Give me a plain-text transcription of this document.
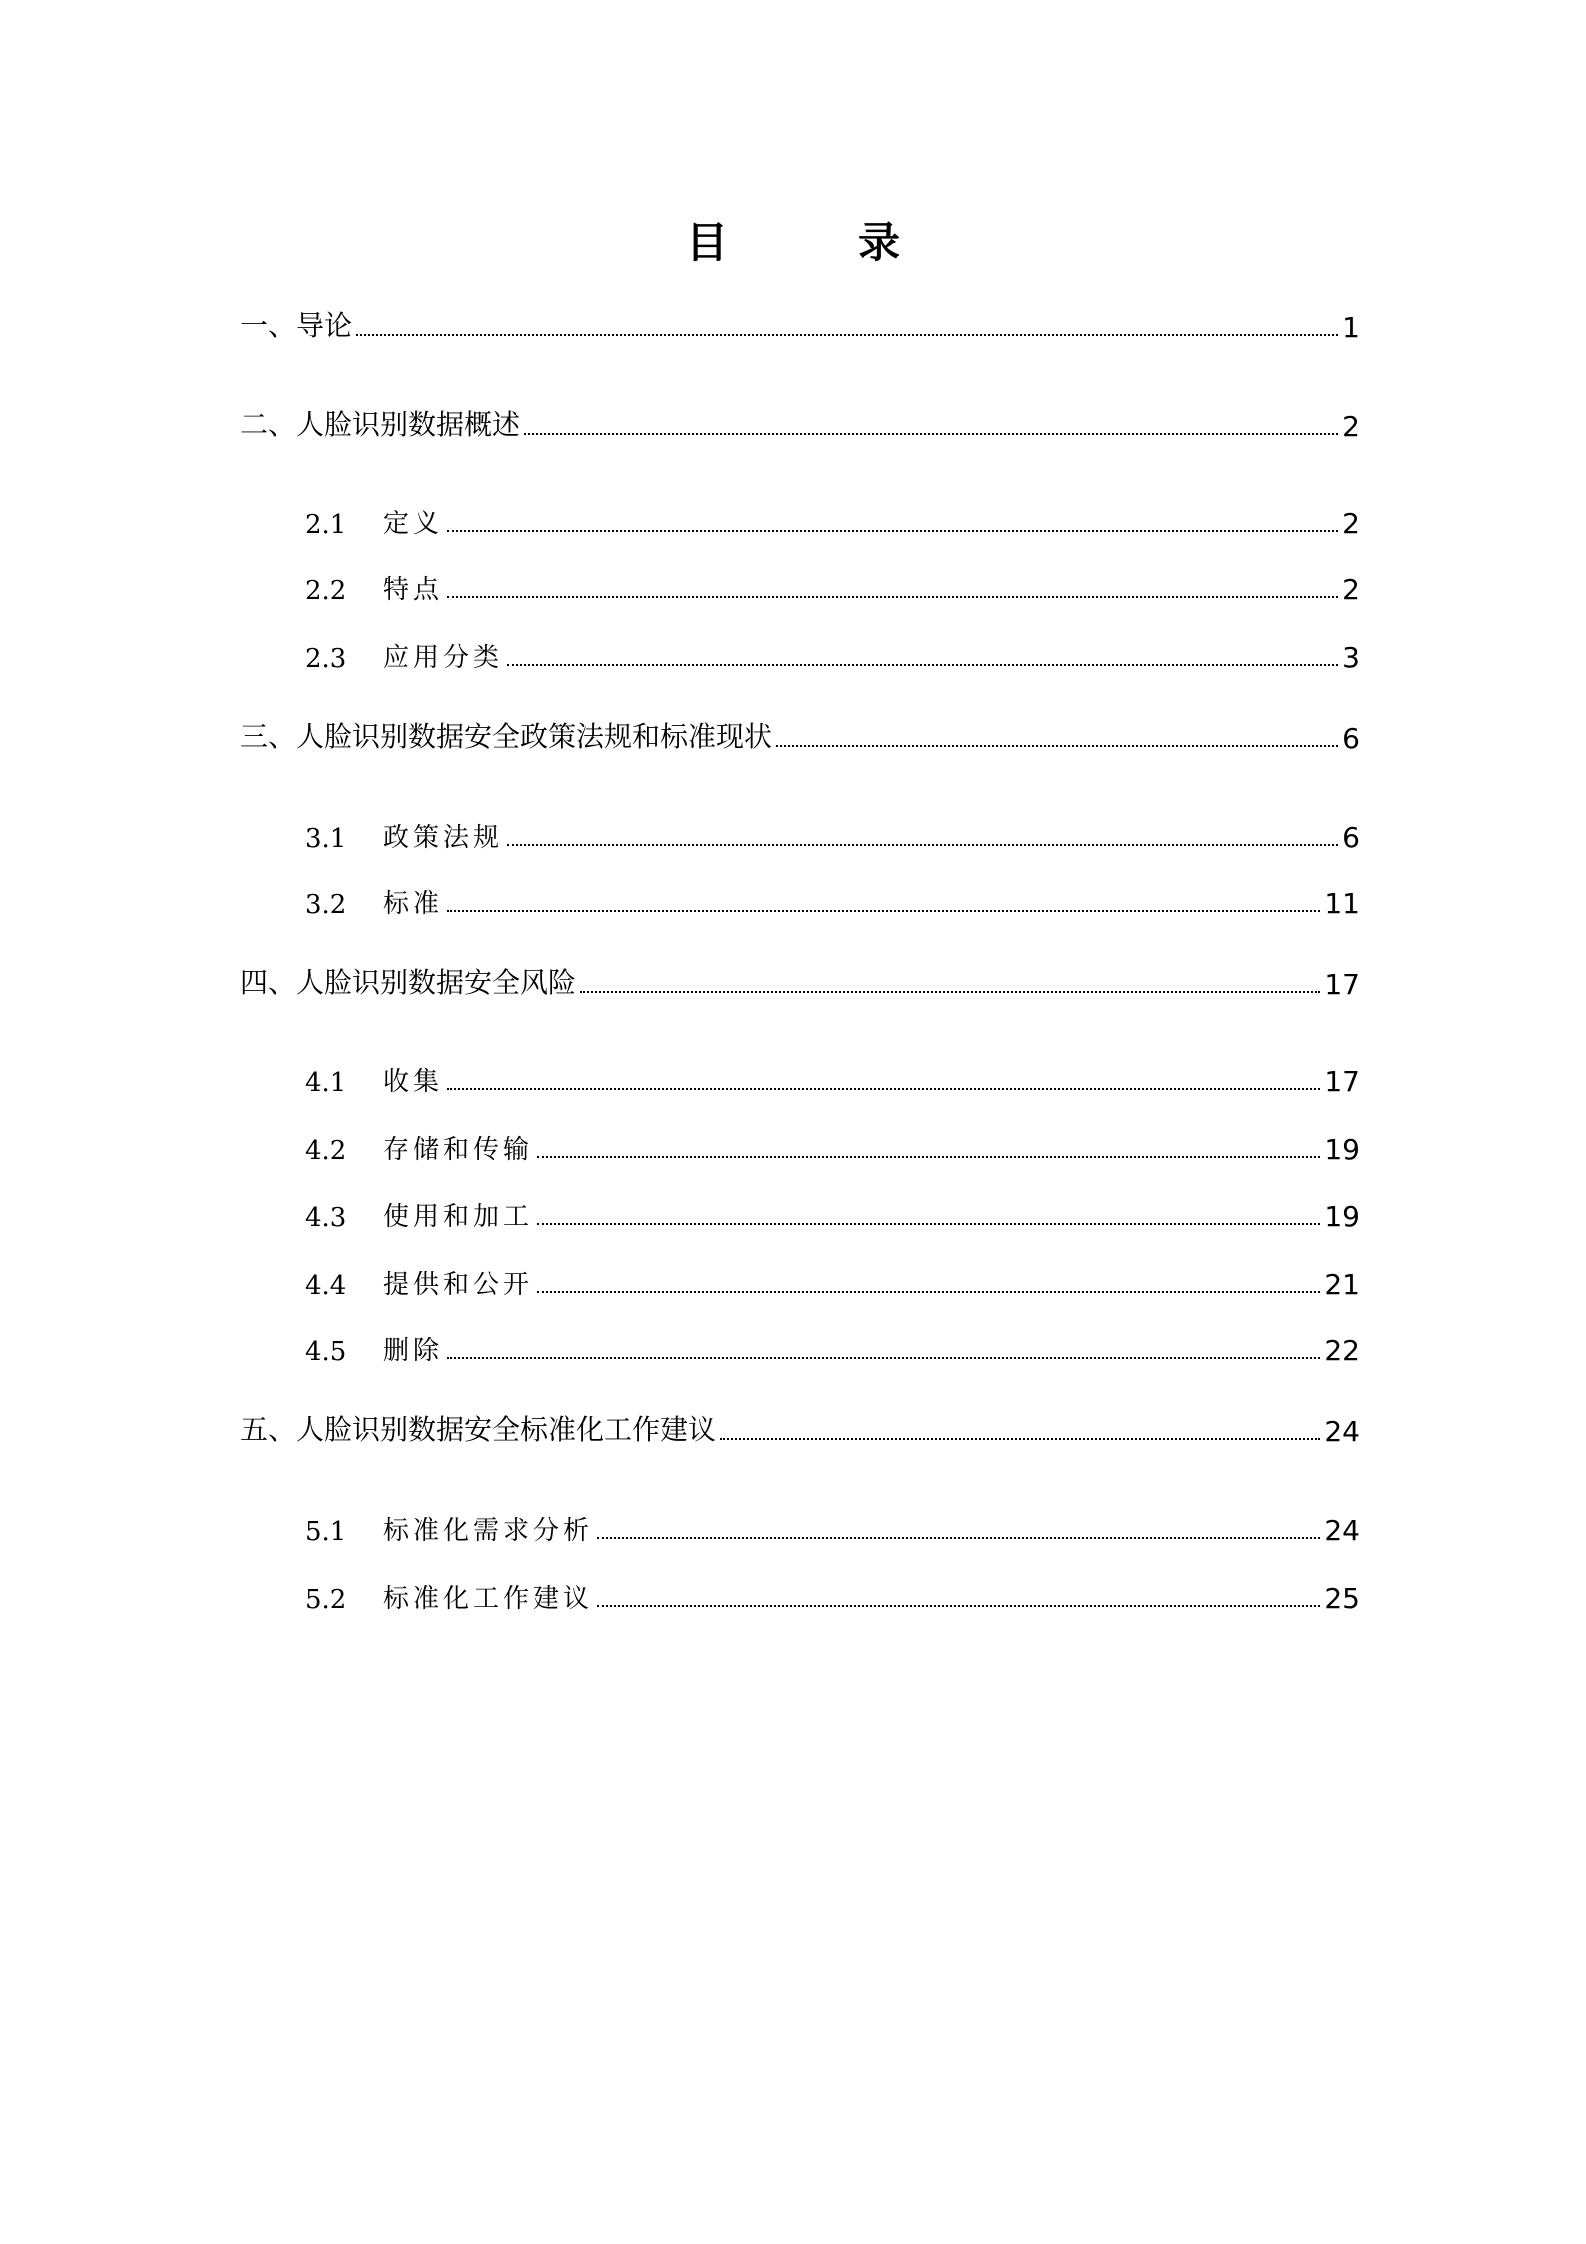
目　录
一、导论	1
二、人脸识别数据概述	2
2.1	定义	2
2.2	特点	2
2.3	应用分类	3
三、人脸识别数据安全政策法规和标准现状	6
3.1	政策法规	6
3.2	标准	11
四、人脸识别数据安全风险	17
4.1	收集	17
4.2	存储和传输	19
4.3	使用和加工	19
4.4	提供和公开	21
4.5	删除	22
五、人脸识别数据安全标准化工作建议	24
5.1	标准化需求分析	24
5.2	标准化工作建议	25
